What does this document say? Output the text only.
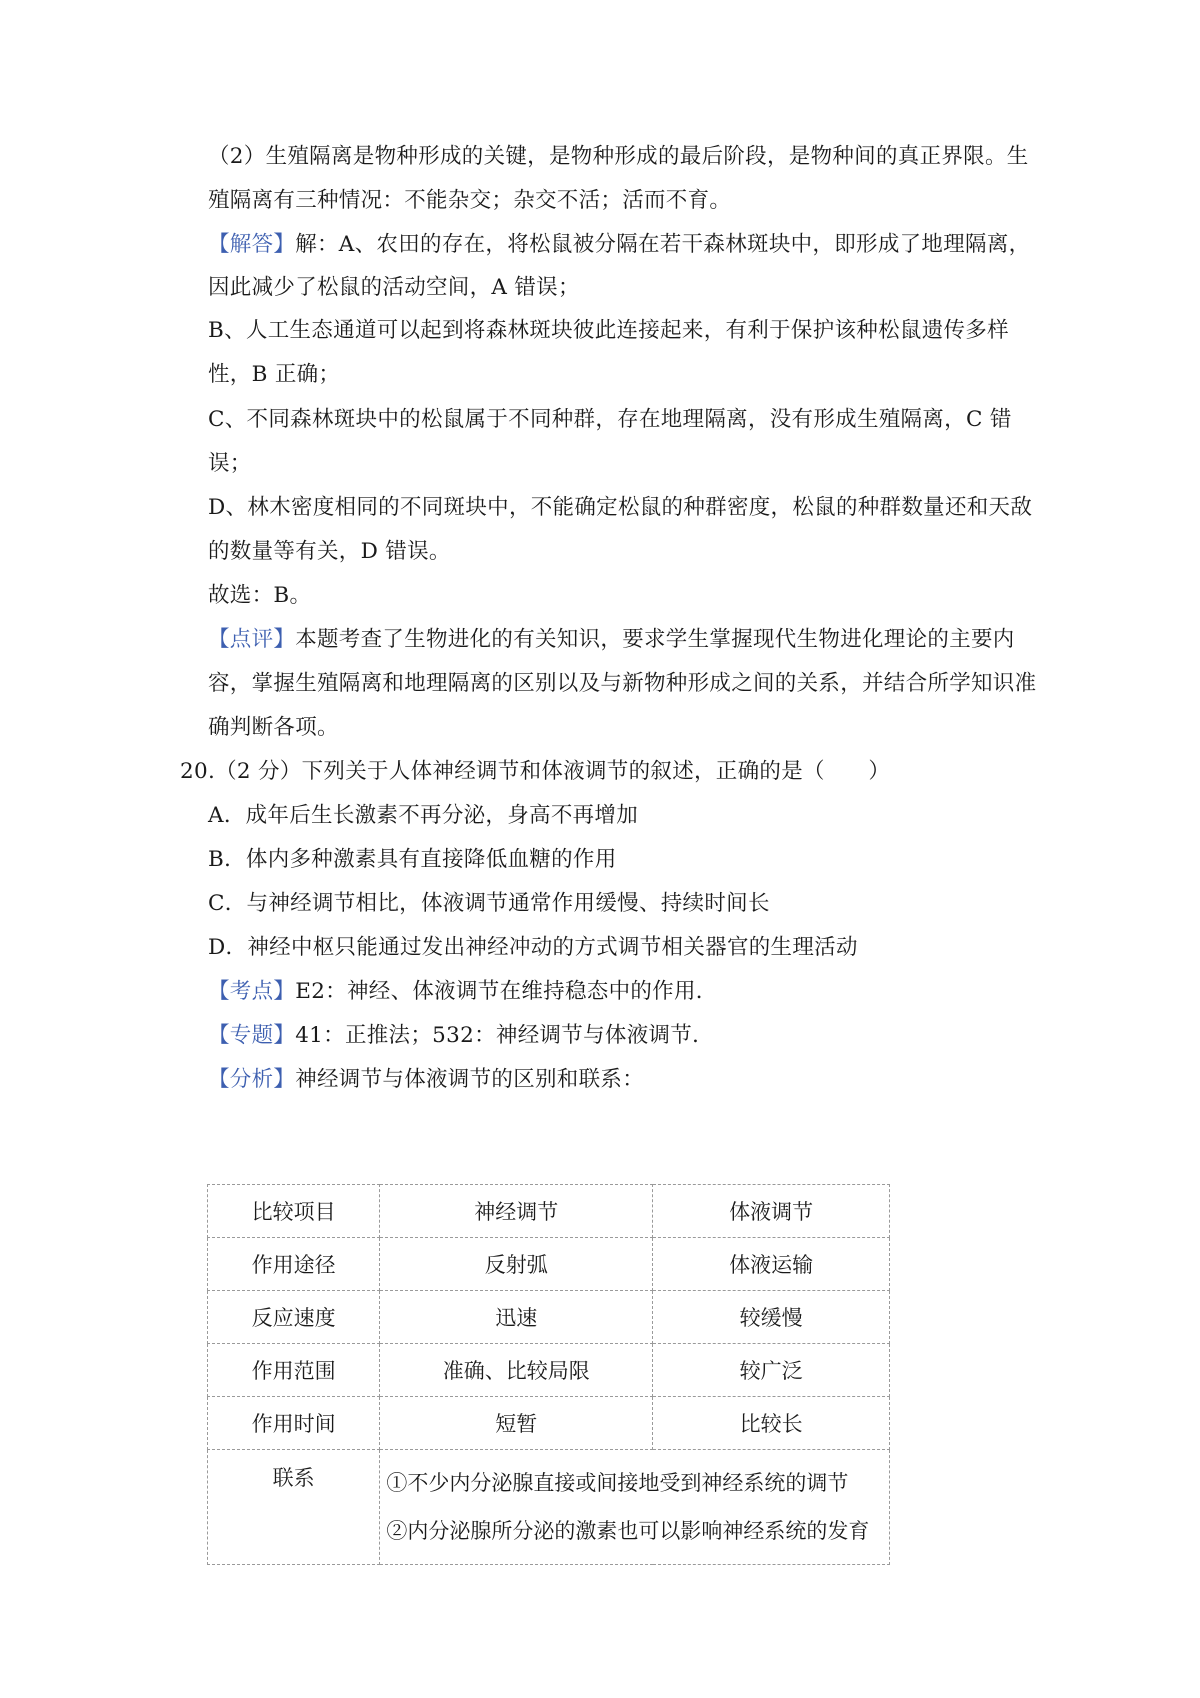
（2）生殖隔离是物种形成的关键，是物种形成的最后阶段，是物种间的真正界限。生
殖隔离有三种情况：不能杂交；杂交不活；活而不育。
【解答】解：A、农田的存在，将松鼠被分隔在若干森林斑块中，即形成了地理隔离，
因此减少了松鼠的活动空间，A 错误；
B、人工生态通道可以起到将森林斑块彼此连接起来，有利于保护该种松鼠遗传多样
性，B 正确；
C、不同森林斑块中的松鼠属于不同种群，存在地理隔离，没有形成生殖隔离，C 错
误；
D、林木密度相同的不同斑块中，不能确定松鼠的种群密度，松鼠的种群数量还和天敌
的数量等有关，D 错误。
故选：B。
【点评】本题考查了生物进化的有关知识，要求学生掌握现代生物进化理论的主要内
容，掌握生殖隔离和地理隔离的区别以及与新物种形成之间的关系，并结合所学知识准
确判断各项。
20.（2 分）下列关于人体神经调节和体液调节的叙述，正确的是（　　）
A．成年后生长激素不再分泌，身高不再增加
B．体内多种激素具有直接降低血糖的作用
C．与神经调节相比，体液调节通常作用缓慢、持续时间长
D．神经中枢只能通过发出神经冲动的方式调节相关器官的生理活动
【考点】E2：神经、体液调节在维持稳态中的作用．
【专题】41：正推法；532：神经调节与体液调节．
【分析】神经调节与体液调节的区别和联系：
比较项目	神经调节	体液调节
作用途径	反射弧	体液运输
反应速度	迅速	较缓慢
作用范围	准确、比较局限	较广泛
作用时间	短暂	比较长
联系	①不少内分泌腺直接或间接地受到神经系统的调节
②内分泌腺所分泌的激素也可以影响神经系统的发育	
